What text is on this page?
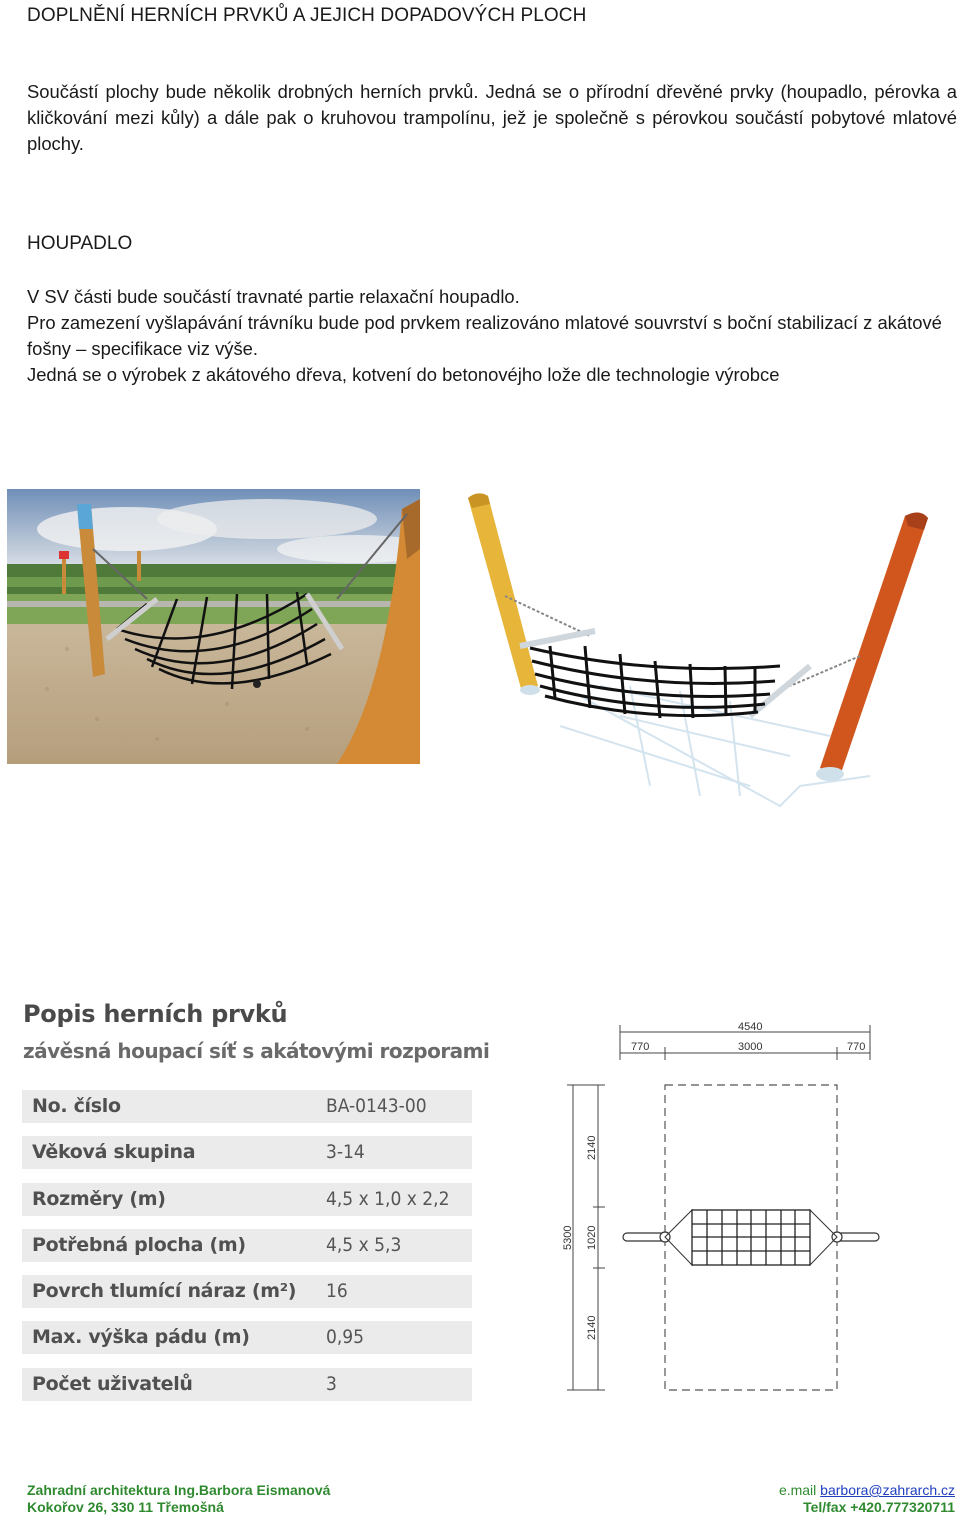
DOPLNĚNÍ HERNÍCH PRVKŮ A JEJICH DOPADOVÝCH PLOCH
Součástí plochy bude několik drobných herních prvků. Jedná se o přírodní dřevěné prvky (houpadlo, pérovka a
kličkování mezi kůly) a dále pak o kruhovou trampolínu, jež je společně s pérovkou součástí pobytové mlatové
plochy.
HOUPADLO
V SV části bude součástí travnaté partie relaxační houpadlo.
Pro zamezení vyšlapávání trávníku bude pod prvkem realizováno mlatové souvrství s boční stabilizací z akátové
fošny – specifikace viz výše.
Jedná se o výrobek z akátového dřeva, kotvení do betonovéjho lože dle technologie výrobce
Popis herních prvků
závěsná houpací síť s akátovými rozporami
No. číslo	BA-0143-00
Věková skupina	3-14
Rozměry (m)	4,5 x 1,0 x 2,2
Potřebná plocha (m)	4,5 x 5,3
Povrch tlumící náraz (m²) 16
Max. výška pádu (m)	0,95
Počet uživatelů	3
4540
770	3000	770
5300
2140
1020
2140
Zahradní architektura Ing.Barbora Eismanová	e.mail barbora@zahrarch.cz
Kokořov 26, 330 11 Třemošná	Tel/fax +420.777320711
